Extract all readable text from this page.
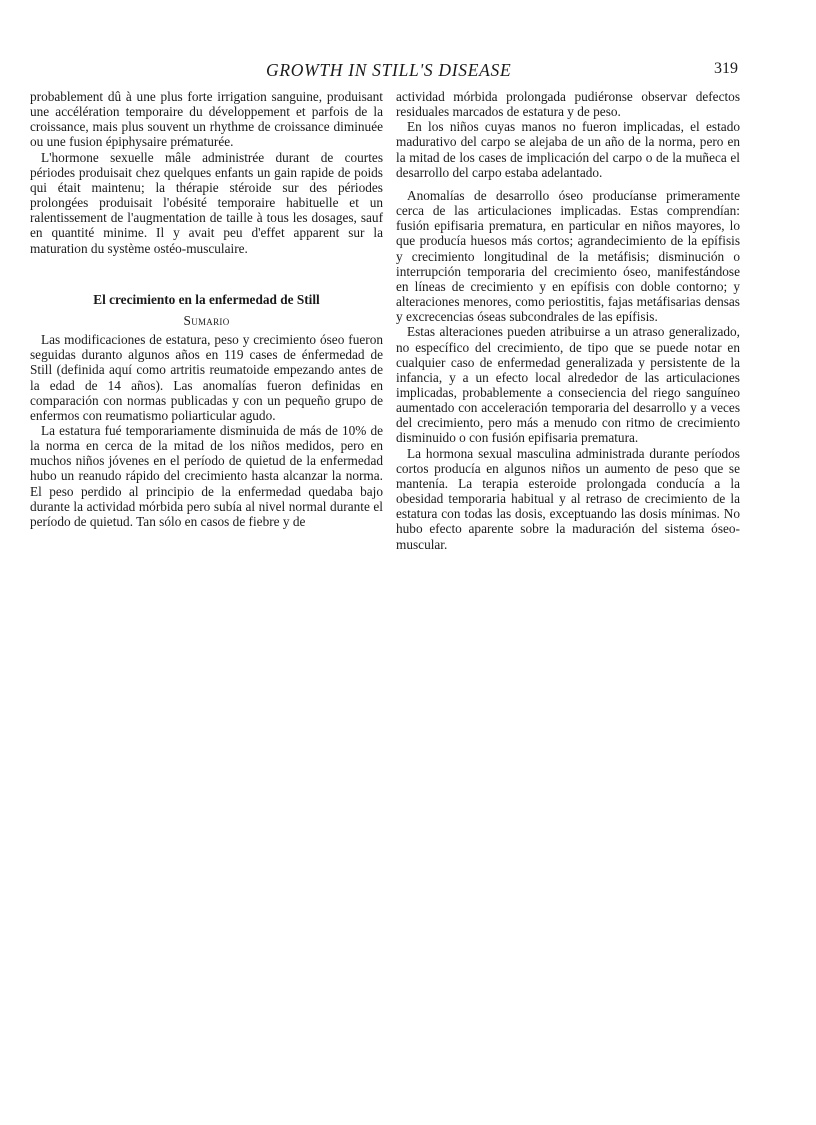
GROWTH IN STILL'S DISEASE	319

probablement dû à une plus forte irrigation sanguine, produisant une accélération temporaire du développement et parfois de la croissance, mais plus souvent un rhythme de croissance diminuée ou une fusion épiphysaire prématurée.

L'hormone sexuelle mâle administrée durant de courtes périodes produisait chez quelques enfants un gain rapide de poids qui était maintenu; la thérapie stéroide sur des périodes prolongées produisait l'obésité temporaire habituelle et un ralentissement de l'augmentation de taille à tous les dosages, sauf en quantité minime. Il y avait peu d'effet apparent sur la maturation du système ostéo-musculaire.

El crecimiento en la enfermedad de Still
Sumario

Las modificaciones de estatura, peso y crecimiento óseo fueron seguidas duranto algunos años en 119 cases de énfermedad de Still (definida aquí como artritis reumatoide empezando antes de la edad de 14 años). Las anomalías fueron definidas en comparación con normas publicadas y con un pequeño grupo de enfermos con reumatismo poliarticular agudo.

La estatura fué temporariamente disminuida de más de 10% de la norma en cerca de la mitad de los niños medidos, pero en muchos niños jóvenes en el período de quietud de la enfermedad hubo un reanudo rápido del crecimiento hasta alcanzar la norma. El peso perdido al principio de la enfermedad quedaba bajo durante la actividad mórbida pero subía al nivel normal durante el período de quietud. Tan sólo en casos de fiebre y de

actividad mórbida prolongada pudiéronse observar defectos residuales marcados de estatura y de peso.

En los niños cuyas manos no fueron implicadas, el estado madurativo del carpo se alejaba de un año de la norma, pero en la mitad de los cases de implicación del carpo o de la muñeca el desarrollo del carpo estaba adelantado.

Anomalías de desarrollo óseo producíanse primeramente cerca de las articulaciones implicadas. Estas comprendían: fusión epifisaria prematura, en particular en niños mayores, lo que producía huesos más cortos; agrandecimiento de la epífisis y crecimiento longitudinal de la metáfisis; disminución o interrupción temporaria del crecimiento óseo, manifestándose en líneas de crecimiento y en epífisis con doble contorno; y alteraciones menores, como periostitis, fajas metáfisarias densas y excrecencias óseas subcondrales de las epífisis.

Estas alteraciones pueden atribuirse a un atraso generalizado, no específico del crecimiento, de tipo que se puede notar en cualquier caso de enfermedad generalizada y persistente de la infancia, y a un efecto local alrededor de las articulaciones implicadas, probablemente a consecіencia del riego sanguíneo aumentado con acceleración temporaria del desarrollo y a veces del crecimiento, pero más a menudo con ritmo de crecimiento disminuido o con fusión epifisaria prematura.

La hormona sexual masculina administrada durante períodos cortos producía en algunos niños un aumento de peso que se mantenía. La terapia esteroide prolongada conducía a la obesidad temporaria habitual y al retraso de crecimiento de la estatura con todas las dosis, exceptuando las dosis mínimas. No hubo efecto aparente sobre la maduración del sistema óseo-muscular.
